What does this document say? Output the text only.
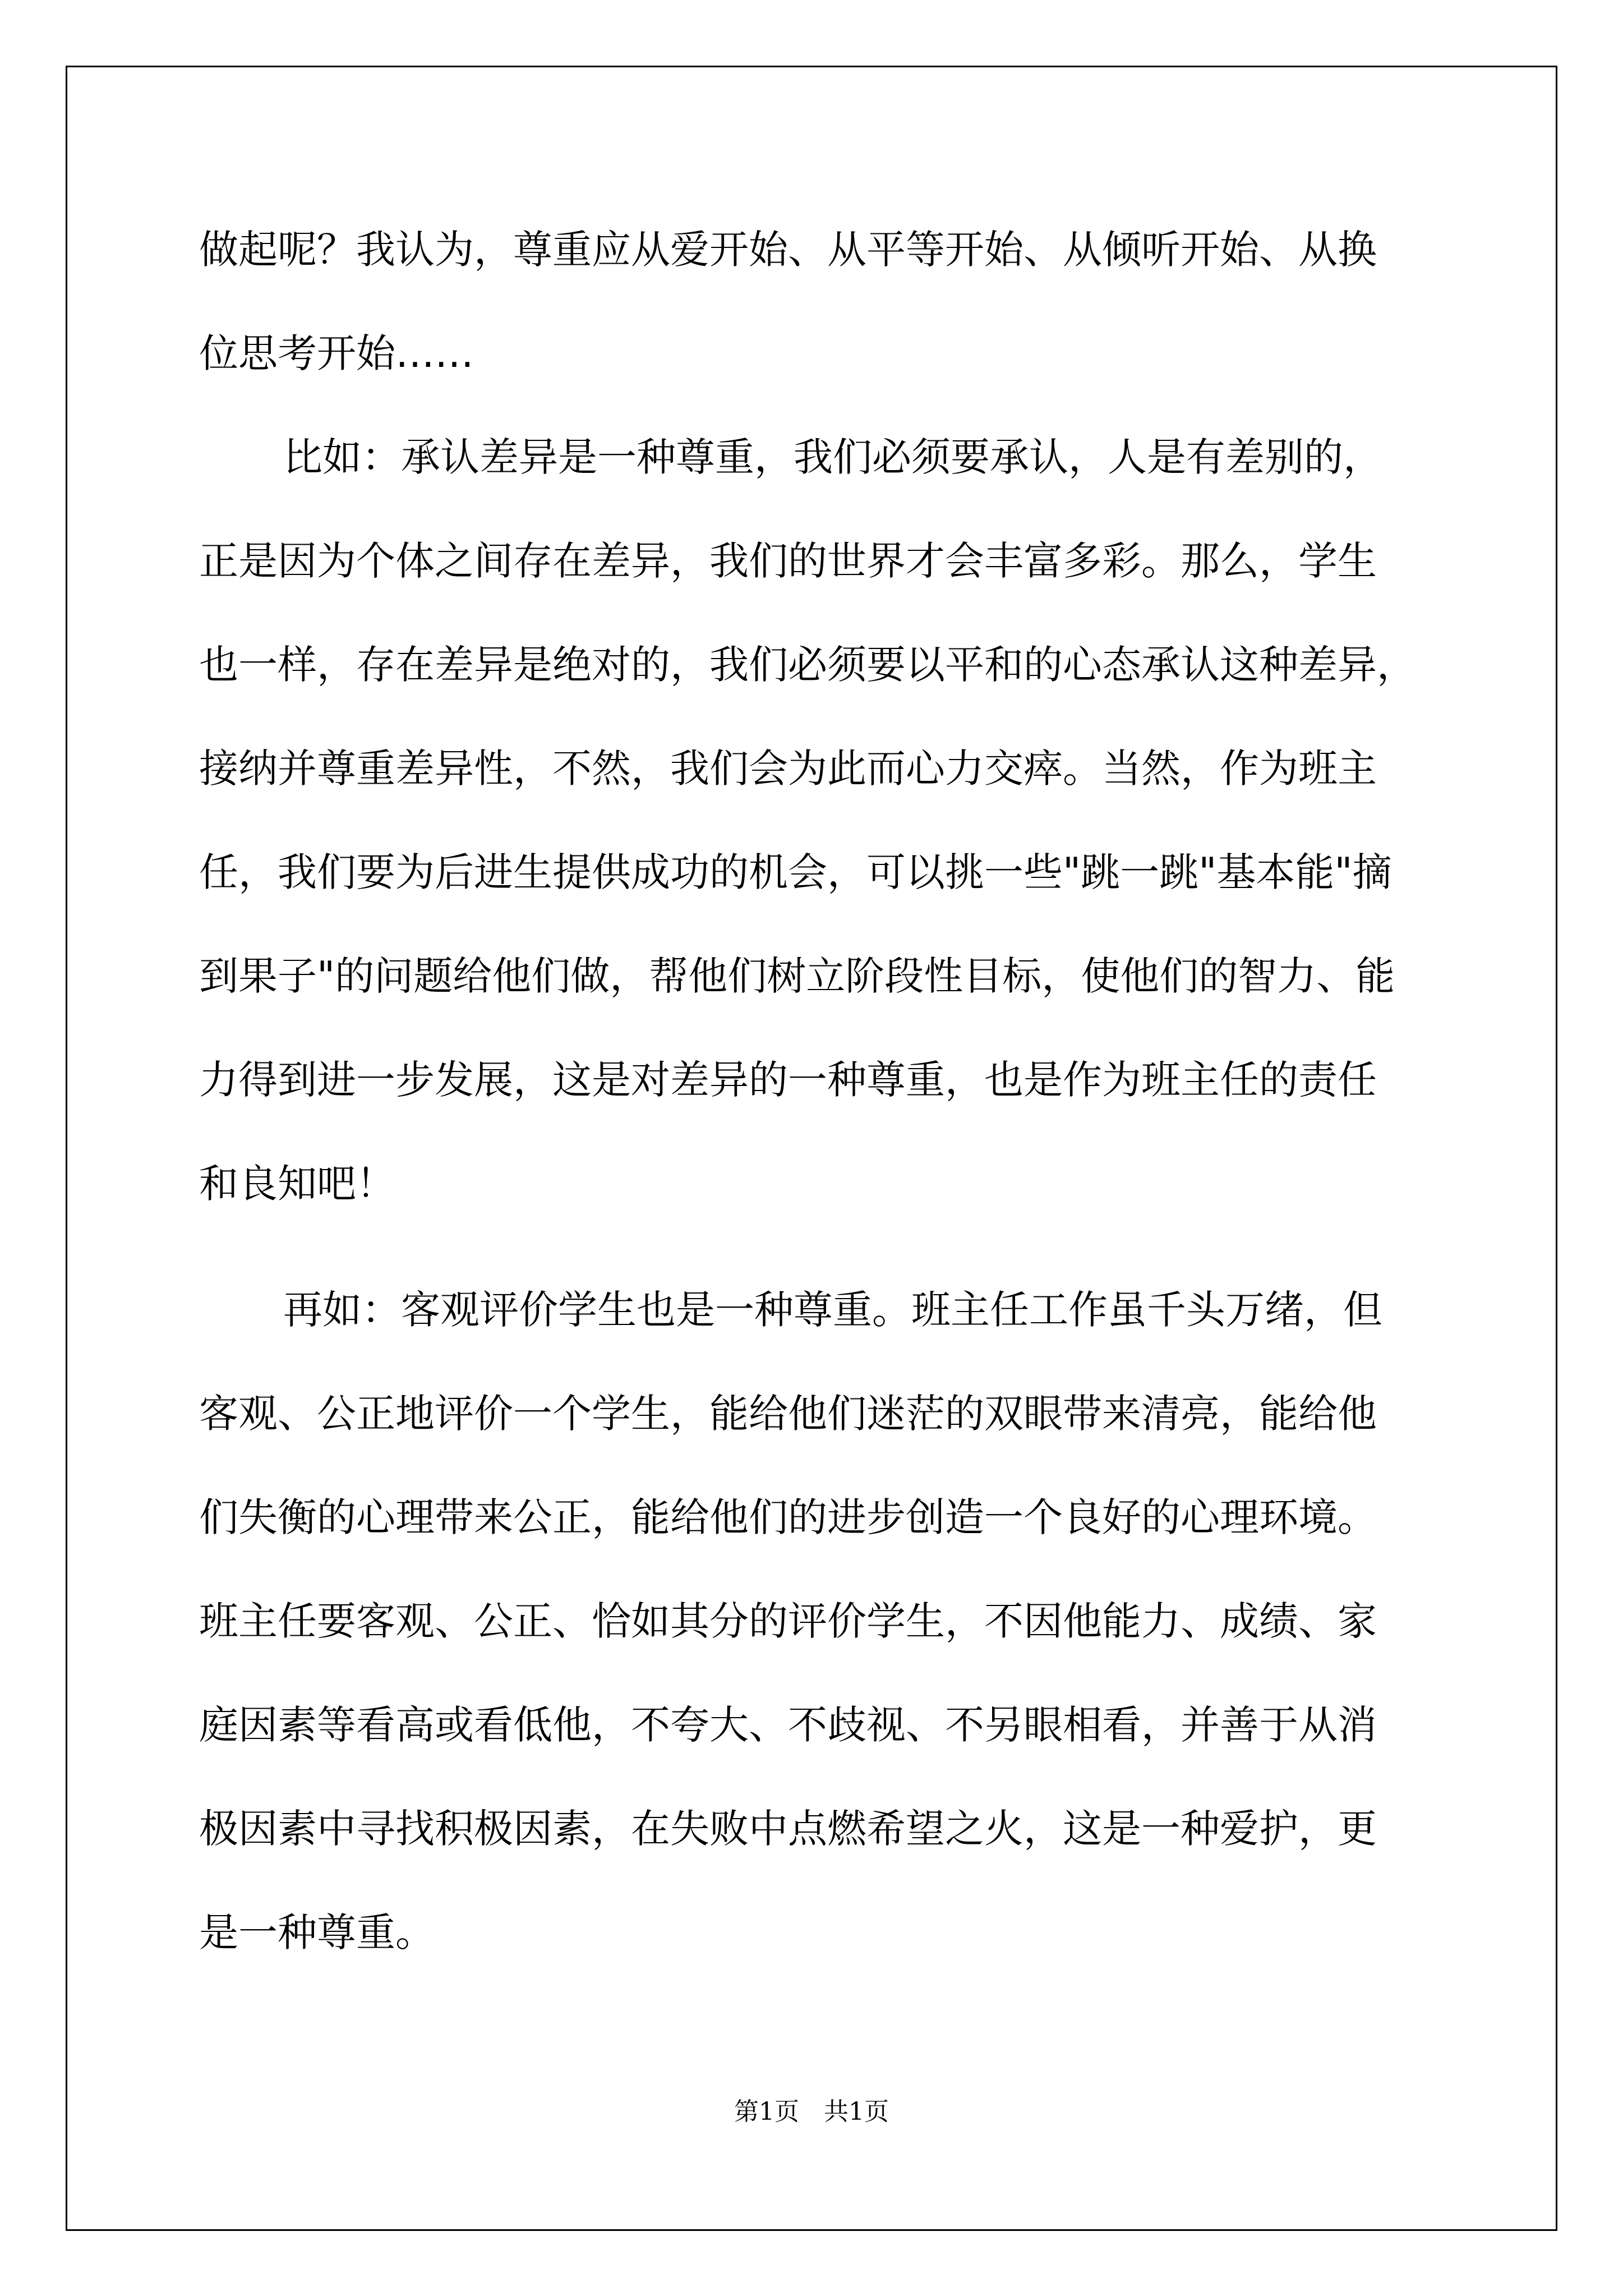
做起呢？我认为，尊重应从爱开始、从平等开始、从倾听开始、从换
位思考开始……
比如：承认差异是一种尊重，我们必须要承认，人是有差别的，
正是因为个体之间存在差异，我们的世界才会丰富多彩。那么，学生
也一样，存在差异是绝对的，我们必须要以平和的心态承认这种差异，
接纳并尊重差异性，不然，我们会为此而心力交瘁。当然，作为班主
任，我们要为后进生提供成功的机会，可以挑一些"跳一跳"基本能"摘
到果子"的问题给他们做，帮他们树立阶段性目标，使他们的智力、能
力得到进一步发展，这是对差异的一种尊重，也是作为班主任的责任
和良知吧！
再如：客观评价学生也是一种尊重。班主任工作虽千头万绪，但
客观、公正地评价一个学生，能给他们迷茫的双眼带来清亮，能给他
们失衡的心理带来公正，能给他们的进步创造一个良好的心理环境。
班主任要客观、公正、恰如其分的评价学生，不因他能力、成绩、家
庭因素等看高或看低他，不夸大、不歧视、不另眼相看，并善于从消
极因素中寻找积极因素，在失败中点燃希望之火，这是一种爱护，更
是一种尊重。
第1页　共1页
